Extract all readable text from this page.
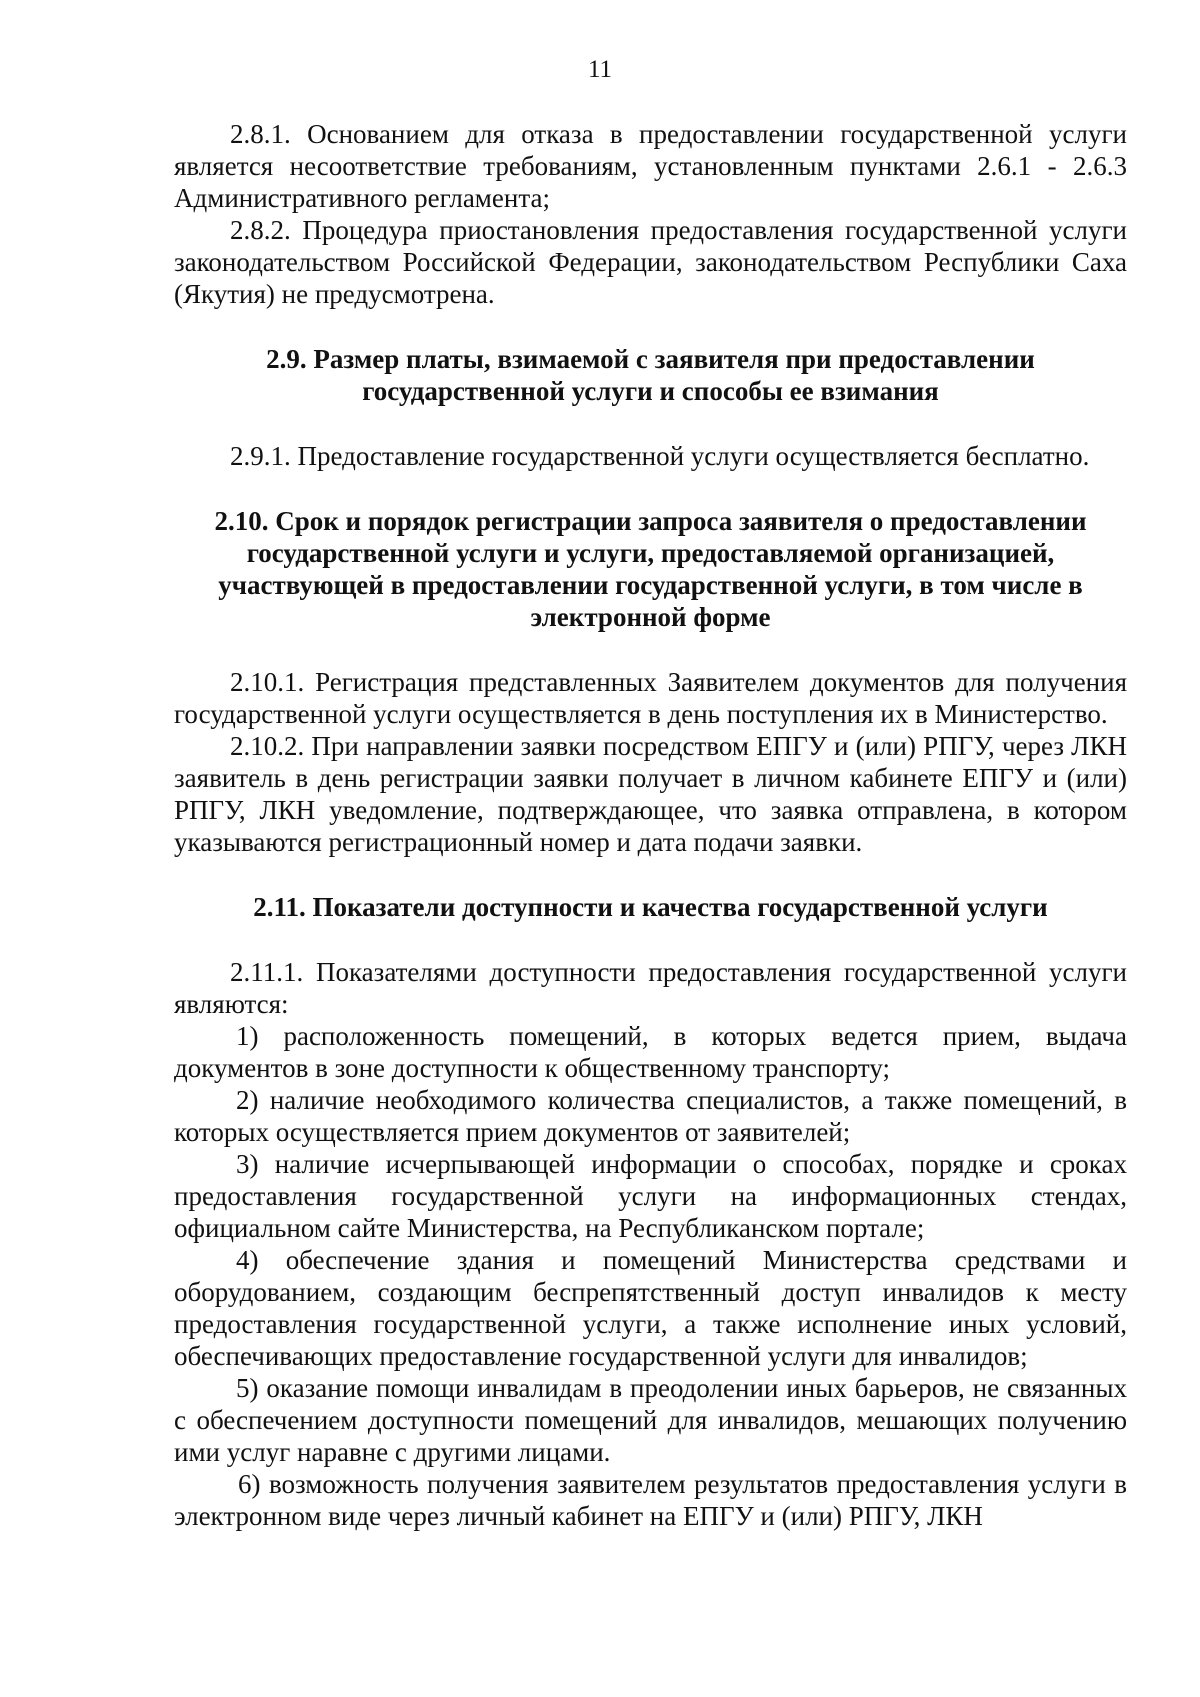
11

2.8.1. Основанием для отказа в предоставлении государственной услуги является несоответствие требованиям, установленным пунктами 2.6.1 - 2.6.3 Административного регламента;

2.8.2. Процедура приостановления предоставления государственной услуги законодательством Российской Федерации, законодательством Республики Саха (Якутия) не предусмотрена.

2.9. Размер платы, взимаемой с заявителя при предоставлении государственной услуги и способы ее взимания

2.9.1. Предоставление государственной услуги осуществляется бесплатно.

2.10. Срок и порядок регистрации запроса заявителя о предоставлении государственной услуги и услуги, предоставляемой организацией, участвующей в предоставлении государственной услуги, в том числе в электронной форме

2.10.1. Регистрация представленных Заявителем документов для получения государственной услуги осуществляется в день поступления их в Министерство.

2.10.2. При направлении заявки посредством ЕПГУ и (или) РПГУ, через ЛКН заявитель в день регистрации заявки получает в личном кабинете ЕПГУ и (или) РПГУ, ЛКН уведомление, подтверждающее, что заявка отправлена, в котором указываются регистрационный номер и дата подачи заявки.

2.11. Показатели доступности и качества государственной услуги

2.11.1. Показателями доступности предоставления государственной услуги являются:

1) расположенность помещений, в которых ведется прием, выдача документов в зоне доступности к общественному транспорту;

2) наличие необходимого количества специалистов, а также помещений, в которых осуществляется прием документов от заявителей;

3) наличие исчерпывающей информации о способах, порядке и сроках предоставления государственной услуги на информационных стендах, официальном сайте Министерства, на Республиканском портале;

4) обеспечение здания и помещений Министерства средствами и оборудованием, создающим беспрепятственный доступ инвалидов к месту предоставления государственной услуги, а также исполнение иных условий, обеспечивающих предоставление государственной услуги для инвалидов;

5) оказание помощи инвалидам в преодолении иных барьеров, не связанных с обеспечением доступности помещений для инвалидов, мешающих получению ими услуг наравне с другими лицами.

6) возможность получения заявителем результатов предоставления услуги в электронном виде через личный кабинет на ЕПГУ и (или) РПГУ, ЛКН
